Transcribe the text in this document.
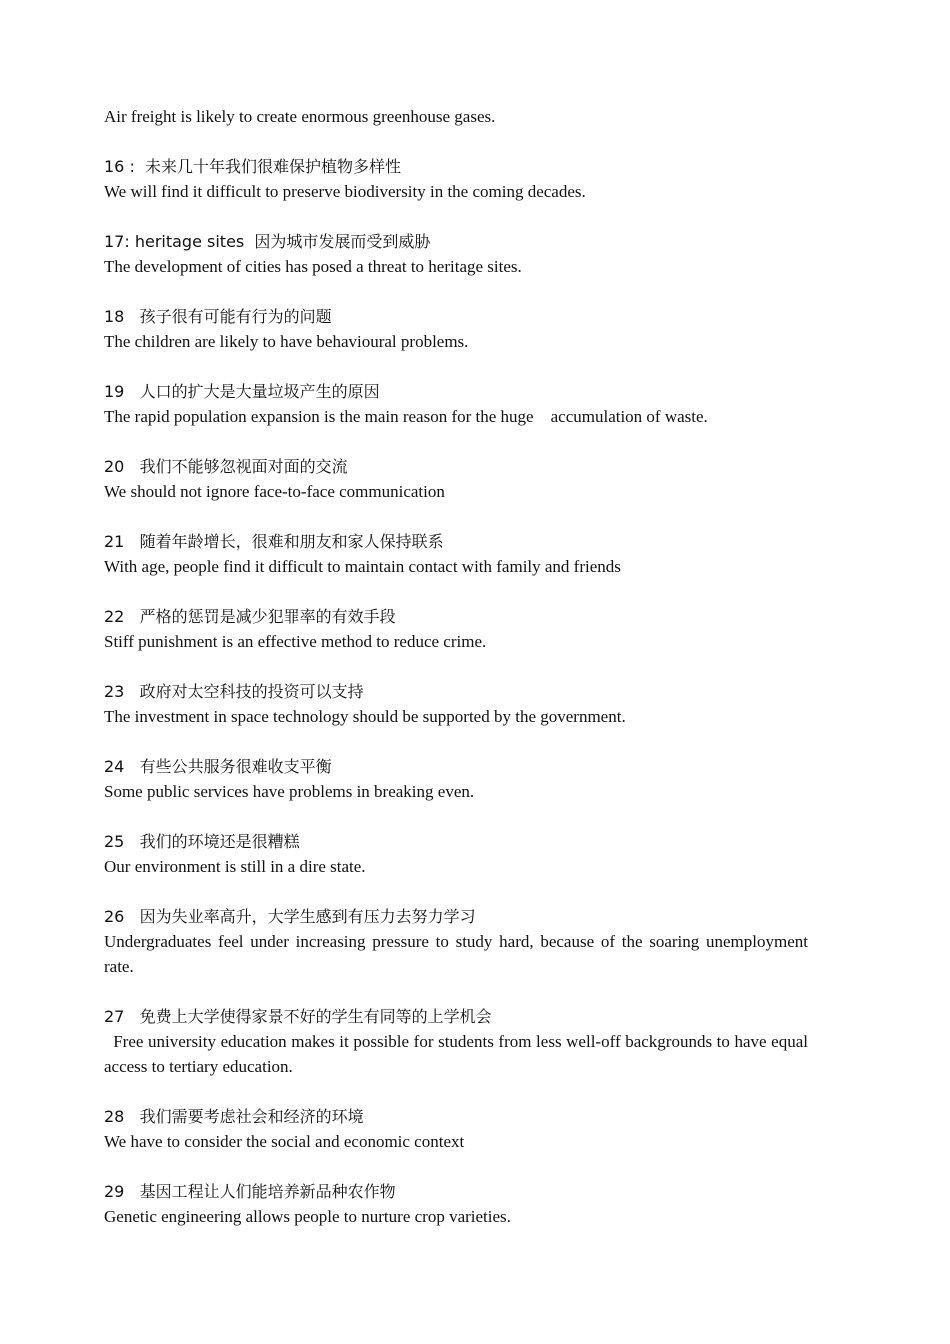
Air freight is likely to create enormous greenhouse gases.

16 :  未来几十年我们很难保护植物多样性

We will find it difficult to preserve biodiversity in the coming decades.

17: heritage sites  因为城市发展而受到威胁

The development of cities has posed a threat to heritage sites.

18   孩子很有可能有行为的问题

The children are likely to have behavioural problems.

19   人口的扩大是大量垃圾产生的原因

The rapid population expansion is the main reason for the huge    accumulation of waste.

20   我们不能够忽视面对面的交流

We should not ignore face-to-face communication

21   随着年龄增长，很难和朋友和家人保持联系

With age, people find it difficult to maintain contact with family and friends

22   严格的惩罚是减少犯罪率的有效手段

Stiff punishment is an effective method to reduce crime.

23   政府对太空科技的投资可以支持

The investment in space technology should be supported by the government.

24   有些公共服务很难收支平衡

Some public services have problems in breaking even.

25   我们的环境还是很糟糕

Our environment is still in a dire state.

26   因为失业率高升，大学生感到有压力去努力学习

Undergraduates feel under increasing pressure to study hard, because of the soaring unemployment rate.

27   免费上大学使得家景不好的学生有同等的上学机会

Free university education makes it possible for students from less well-off backgrounds to have equal access to tertiary education.

28   我们需要考虑社会和经济的环境

We have to consider the social and economic context

29   基因工程让人们能培养新品种农作物

Genetic engineering allows people to nurture crop varieties.
